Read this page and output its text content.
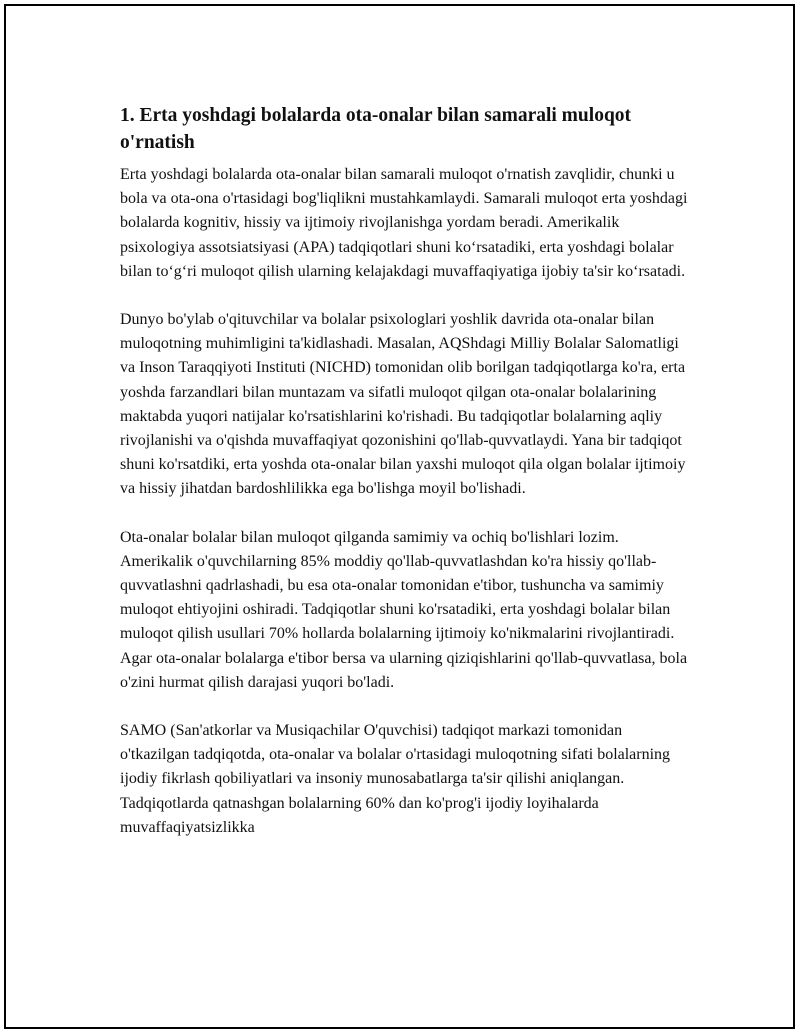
1. Erta yoshdagi bolalarda ota-onalar bilan samarali muloqot o'rnatish

Erta yoshdagi bolalarda ota-onalar bilan samarali muloqot o'rnatish zavqlidir, chunki u bola va ota-ona o'rtasidagi bog'liqlikni mustahkamlaydi. Samarali muloqot erta yoshdagi bolalarda kognitiv, hissiy va ijtimoiy rivojlanishga yordam beradi. Amerikalik psixologiya assotsiatsiyasi (APA) tadqiqotlari shuni ko‘rsatadiki, erta yoshdagi bolalar bilan to‘g‘ri muloqot qilish ularning kelajakdagi muvaffaqiyatiga ijobiy ta'sir ko‘rsatadi.

Dunyo bo'ylab o'qituvchilar va bolalar psixologlari yoshlik davrida ota-onalar bilan muloqotning muhimligini ta'kidlashadi. Masalan, AQShdagi Milliy Bolalar Salomatligi va Inson Taraqqiyoti Instituti (NICHD) tomonidan olib borilgan tadqiqotlarga ko'ra, erta yoshda farzandlari bilan muntazam va sifatli muloqot qilgan ota-onalar bolalarining maktabda yuqori natijalar ko'rsatishlarini ko'rishadi. Bu tadqiqotlar bolalarning aqliy rivojlanishi va o'qishda muvaffaqiyat qozonishini qo'llab-quvvatlaydi. Yana bir tadqiqot shuni ko'rsatdiki, erta yoshda ota-onalar bilan yaxshi muloqot qila olgan bolalar ijtimoiy va hissiy jihatdan bardoshlilikka ega bo'lishga moyil bo'lishadi.

Ota-onalar bolalar bilan muloqot qilganda samimiy va ochiq bo'lishlari lozim. Amerikalik o'quvchilarning 85% moddiy qo'llab-quvvatlashdan ko'ra hissiy qo'llab-quvvatlashni qadrlashadi, bu esa ota-onalar tomonidan e'tibor, tushuncha va samimiy muloqot ehtiyojini oshiradi. Tadqiqotlar shuni ko'rsatadiki, erta yoshdagi bolalar bilan muloqot qilish usullari 70% hollarda bolalarning ijtimoiy ko'nikmalarini rivojlantiradi. Agar ota-onalar bolalarga e'tibor bersa va ularning qiziqishlarini qo'llab-quvvatlasa, bola o'zini hurmat qilish darajasi yuqori bo'ladi.

SAMO (San'atkorlar va Musiqachilar O'quvchisi) tadqiqot markazi tomonidan o'tkazilgan tadqiqotda, ota-onalar va bolalar o'rtasidagi muloqotning sifati bolalarning ijodiy fikrlash qobiliyatlari va insoniy munosabatlarga ta'sir qilishi aniqlangan. Tadqiqotlarda qatnashgan bolalarning 60% dan ko'prog'i ijodiy loyihalarda muvaffaqiyatsizlikka
